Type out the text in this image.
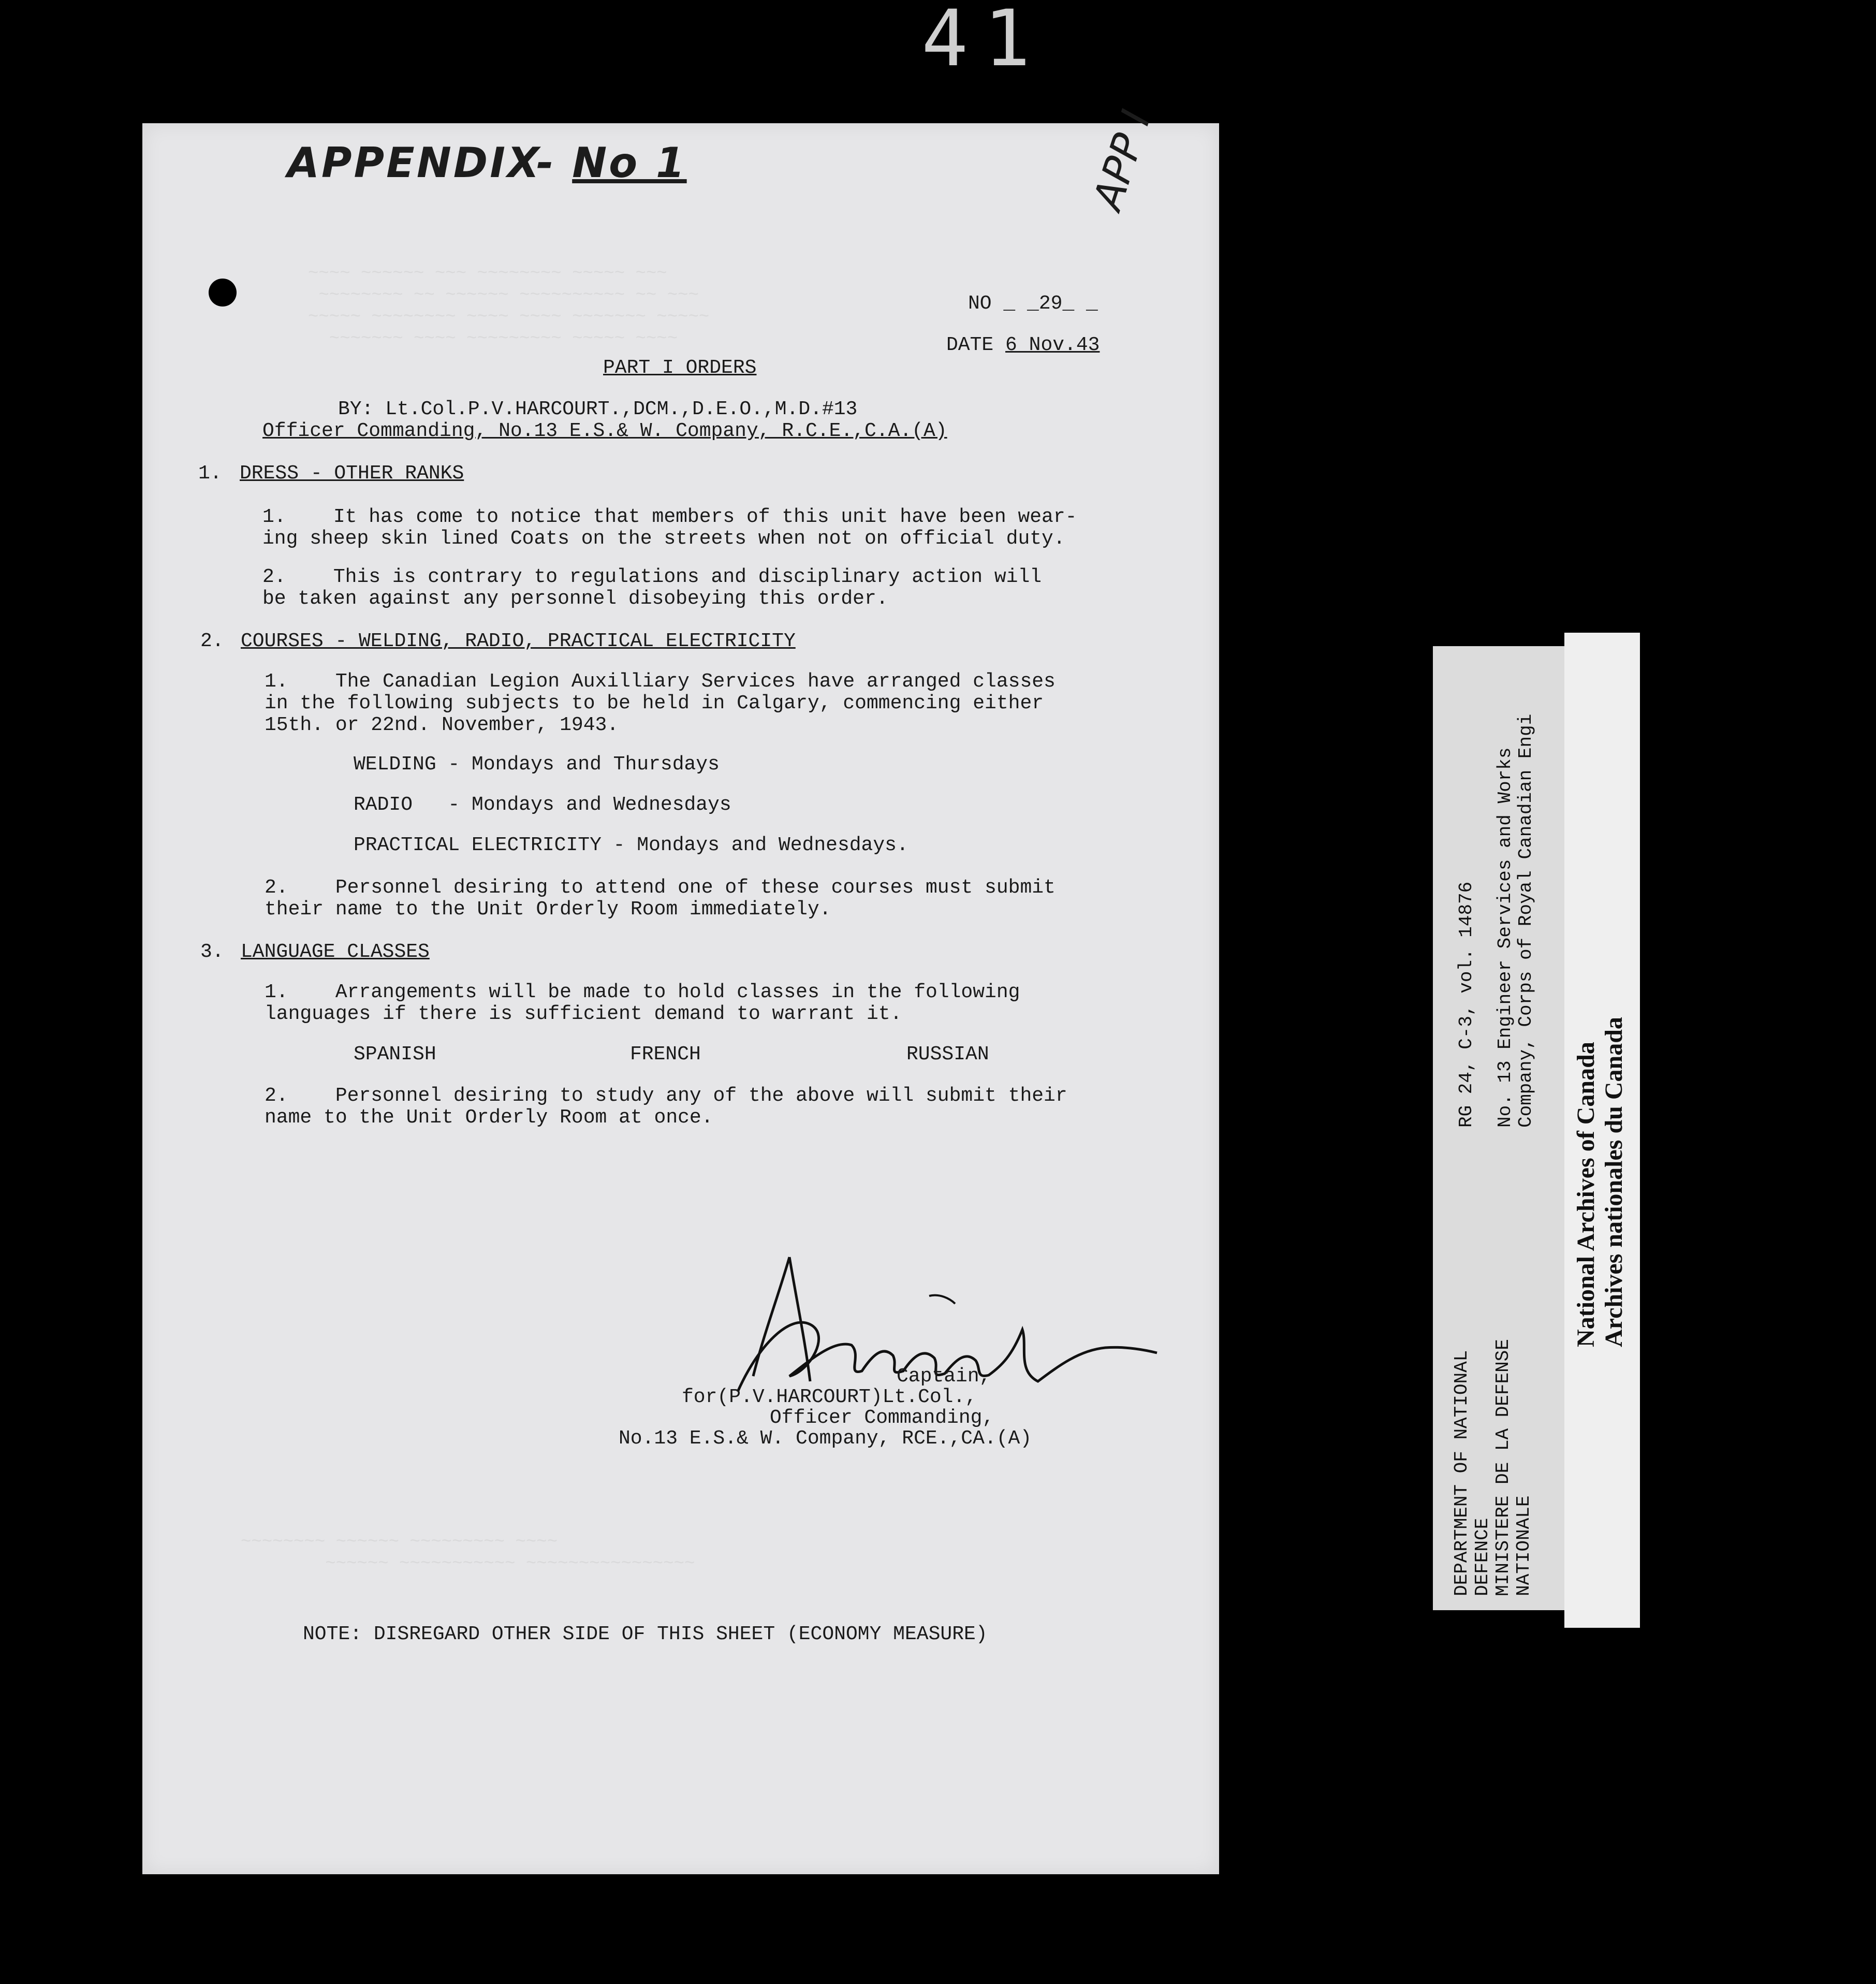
41
APPENDIX- No 1	APP I
~~~~ ~~~~~~ ~~~ ~~~~~~~~ ~~~~~ ~~~
~~~~~~~~ ~~ ~~~~~~ ~~~~~~~~~~ ~~ ~~~
~~~~~ ~~~~~~~~ ~~~~ ~~~~ ~~~~~~~ ~~~~~
~~~~~~~ ~~~~ ~~~~~~~~~ ~~~~~ ~~~~
NO _ _29_ _
DATE 6 Nov.43
PART I ORDERS
BY: Lt.Col.P.V.HARCOURT.,DCM.,D.E.O.,M.D.#13
Officer Commanding, No.13 E.S.& W. Company, R.C.E.,C.A.(A)
1. DRESS - OTHER RANKS
1.    It has come to notice that members of this unit have been wear-
ing sheep skin lined Coats on the streets when not on official duty.
2.    This is contrary to regulations and disciplinary action will
be taken against any personnel disobeying this order.
2. COURSES - WELDING, RADIO, PRACTICAL ELECTRICITY
1.    The Canadian Legion Auxilliary Services have arranged classes
in the following subjects to be held in Calgary, commencing either
15th. or 22nd. November, 1943.
WELDING - Mondays and Thursdays
RADIO   - Mondays and Wednesdays
PRACTICAL ELECTRICITY - Mondays and Wednesdays.
2.    Personnel desiring to attend one of these courses must submit
their name to the Unit Orderly Room immediately.
3. LANGUAGE CLASSES
1.    Arrangements will be made to hold classes in the following
languages if there is sufficient demand to warrant it.
SPANISH	FRENCH	RUSSIAN
2.    Personnel desiring to study any of the above will submit their
name to the Unit Orderly Room at once.
Captain,
for(P.V.HARCOURT)Lt.Col.,
Officer Commanding,
No.13 E.S.& W. Company, RCE.,CA.(A)
~~~~~~~~ ~~~~~~ ~~~~~~~~~ ~~~~
~~~~~~ ~~~~~~~~~~~ ~~~~~~~~~~~~~~~~
NOTE: DISREGARD OTHER SIDE OF THIS SHEET (ECONOMY MEASURE)
DEPARTMENT OF NATIONAL
DEFENCE
MINISTERE DE LA DEFENSE
NATIONALE
RG 24, C-3, vol. 14876 No. 13 Engineer Services and Works
Company, Corps of Royal Canadian Engi
National Archives of Canada
Archives nationales du Canada
